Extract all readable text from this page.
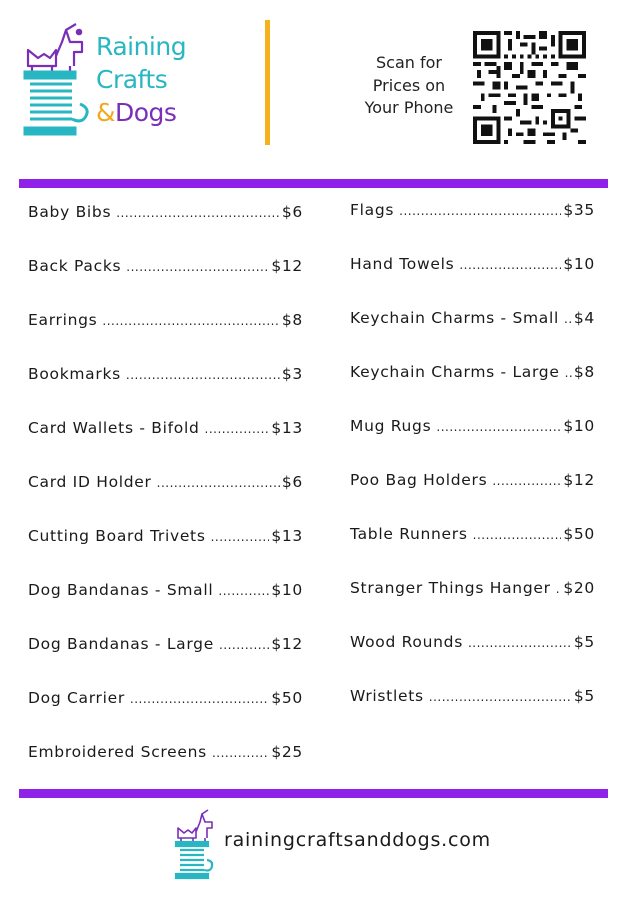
Raining
Crafts
&Dogs
Scan for
Prices on
Your Phone
Baby Bibs .....	$6
Back Packs .....	$12
Earrings .....	$8
Bookmarks .....	$3
Card Wallets - Bifold .....	$13
Card ID Holder .....	$6
Cutting Board Trivets .....	$13
Dog Bandanas - Small .....	$10
Dog Bandanas - Large .....	$12
Dog Carrier .....	$50
Embroidered Screens .....	$25
Flags .....	$35
Hand Towels .....	$10
Keychain Charms - Small ..... $4
Keychain Charms - Large ..... $8
Mug Rugs .....	$10
Poo Bag Holders .....	$12
Table Runners .....	$50
Stranger Things Hanger ..... $20
Wood Rounds .....	$5
Wristlets .....	$5
rainingcraftsanddogs.com
